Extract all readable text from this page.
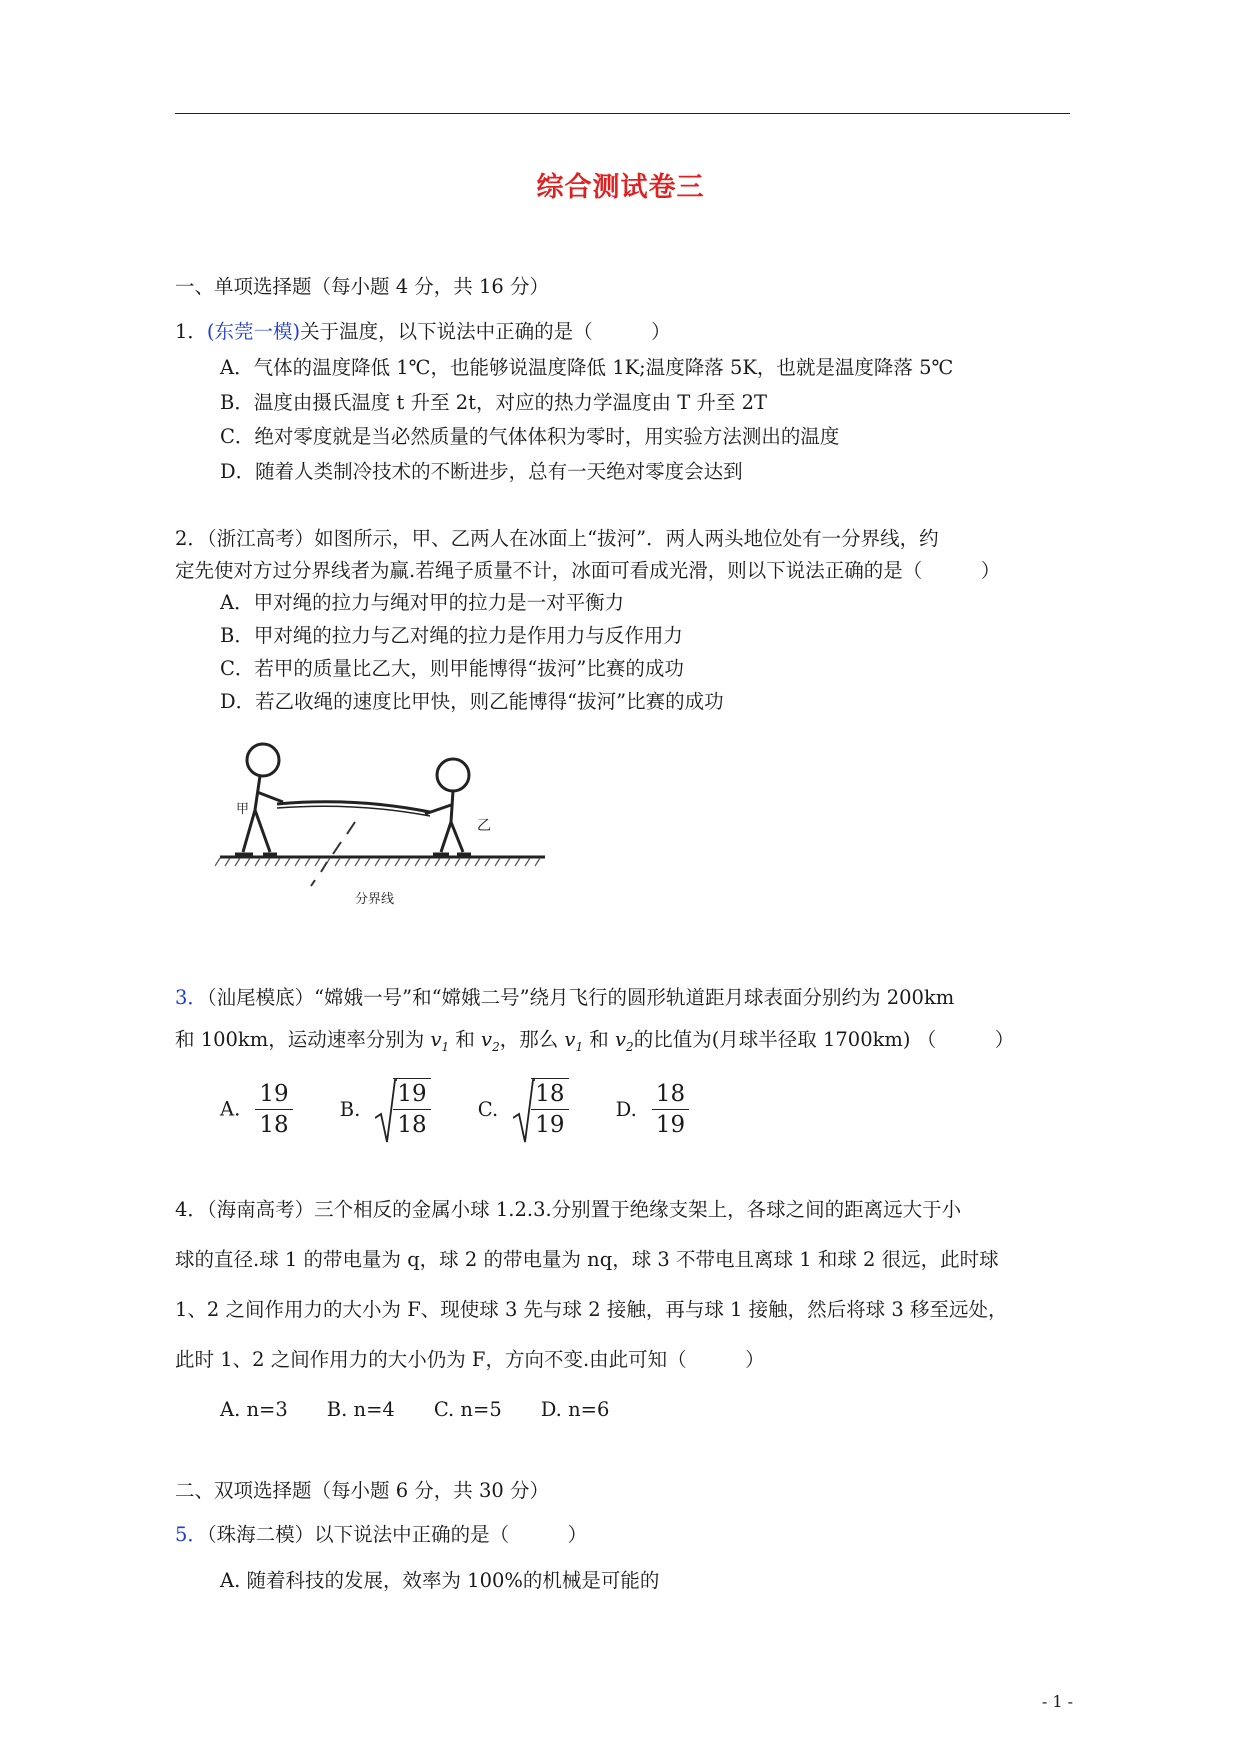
综合测试卷三
一、单项选择题（每小题 4 分，共 16 分）
1．(东莞一模)关于温度，以下说法中正确的是（　　　）
A．气体的温度降低 1℃，也能够说温度降低 1K;温度降落 5K，也就是温度降落 5℃
B．温度由摄氏温度 t 升至 2t，对应的热力学温度由 T 升至 2T
C．绝对零度就是当必然质量的气体体积为零时，用实验方法测出的温度
D．随着人类制冷技术的不断进步，总有一天绝对零度会达到
2．（浙江高考）如图所示，甲、乙两人在冰面上“拔河”．两人两头地位处有一分界线，约
定先使对方过分界线者为赢.若绳子质量不计，冰面可看成光滑，则以下说法正确的是（　　　）
A．甲对绳的拉力与绳对甲的拉力是一对平衡力
B．甲对绳的拉力与乙对绳的拉力是作用力与反作用力
C．若甲的质量比乙大，则甲能博得“拔河”比赛的成功
D．若乙收绳的速度比甲快，则乙能博得“拔河”比赛的成功
甲
乙
分界线
3．（汕尾模底）“嫦娥一号”和“嫦娥二号”绕月飞行的圆形轨道距月球表面分别约为 200km
和 100km，运动速率分别为 $v_1$ 和 $v_2$，那么 $v_1$ 和 $v_2$的比值为(月球半径取 1700km) （　　　）
A. $\frac{19}{18} B$. $\frac{19}{18} C$. $\frac{18}{19} D$. $\frac{18}{19}$
4．（海南高考）三个相反的金属小球 1.2.3.分别置于绝缘支架上，各球之间的距离远大于小
球的直径.球 1 的带电量为 q，球 2 的带电量为 nq，球 3 不带电且离球 1 和球 2 很远，此时球
1、2 之间作用力的大小为 F、现使球 3 先与球 2 接触，再与球 1 接触，然后将球 3 移至远处，
此时 1、2 之间作用力的大小仍为 F，方向不变.由此可知（　　　）
A. n=3　　B. n=4　　C. n=5　　D. n=6
二、双项选择题（每小题 6 分，共 30 分）
5．（珠海二模）以下说法中正确的是（　　　）
A. 随着科技的发展，效率为 100%的机械是可能的
- 1 -
